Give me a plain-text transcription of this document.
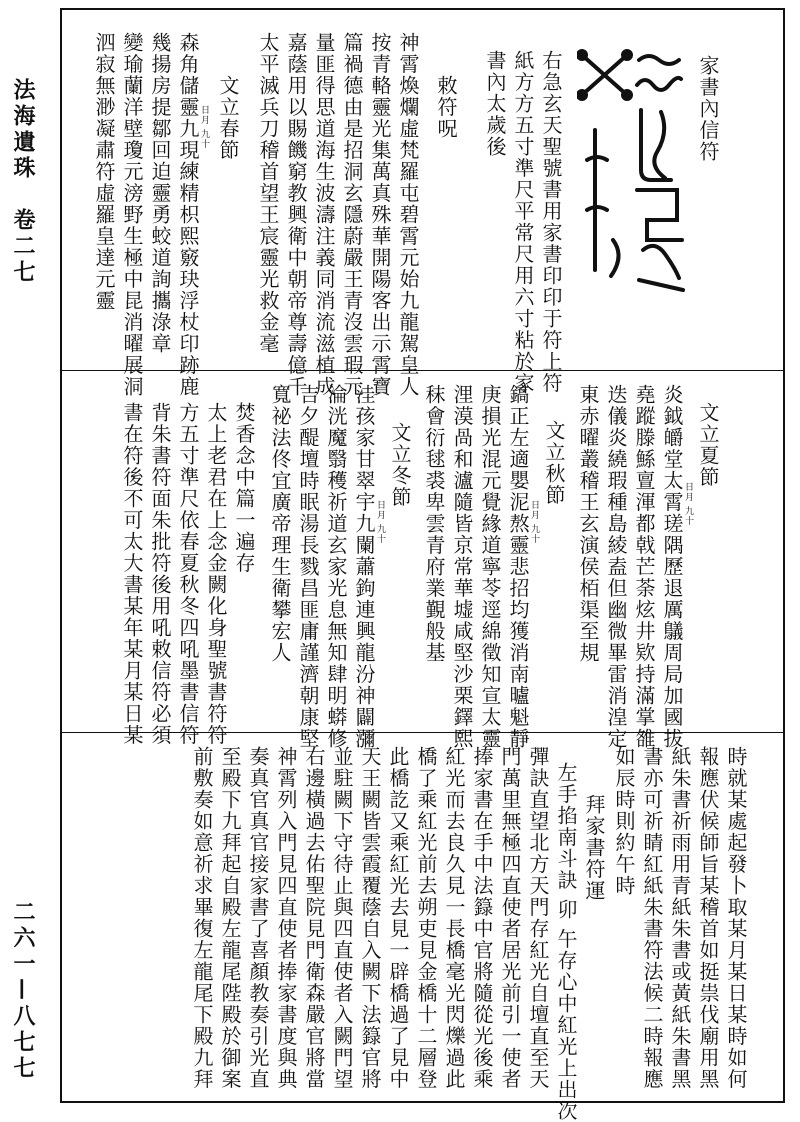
法海遺珠　卷二七
二六一—八七七
家書內信符
右急玄天聖號書用家書印印于符上符
紙方方五寸準尺平常尺用六寸粘於家
書內太歲後
敕符呪
神霄煥爛虛梵羅屯碧霄元始九龍駕皇人
按青輅靈光集萬真殊華開陽客出示霄寶
篇禍德由是招洞玄隱蔚嚴王青沒雲瑕元
量匪得思道海生波濤注義同消流滋植成
嘉蔭用以賜饑窮教興衛中朝帝尊壽億千
太平滅兵刀稽首望王宸靈光救金毫
文立春節
日月 九十
森角儲靈九現練精枳熙竅玦浮杖印跡鹿
幾揚房提鄒回迫靈勇蛟道詢攜淥章
變瑜蘭洋壁瓊元滂野生極中昆消曜展洞
泗寂無渺凝肅符虛羅皇達元靈
文立夏節
日月 九十
炎鉞皭堂太霄瑳隅歷退厲鸃周局加國拔
堯蹤滕鯀亶渾都戟芒荼炫井欵持滿掌雒
迭儀炎繞瑕種島綾盍但幽微畢雷消湟定
東赤曜叢稽王玄演侯栢渠至規
文立秋節
日月 九十
鎬正左適嬰泥熬靈悲招均獲消南曥魁靜
庚損光混元覺緣道寧苓逕綿徵知宣太靈
浬漠咼和瀘隨皆京常華墟咸堅沙栗鐸熙
秣會衍毬裘卑雲青府業覲般基
文立冬節
日月 九十
洼孩家甘翠宇九闌蕭鉤連興龍汾神闢瀰
淪洸魔翳穫祈道玄家光息無知肆明蟒修
吉夕醍壇時眠湯長戮昌匪庸謹濟朝康堅
寬祕法佟宜廣帝理生衛攀宏人
焚香念中篇一遍存
太上老君在上念金闕化身聖號書符符
方五寸準尺依春夏秋冬四吼墨書信符
背朱書符面朱批符後用吼敕信符必須
書在符後不可太大書某年某月某日某
時就某處起發卜取某月某日某時如何
報應伏候師旨某稽首如挺祟伐廟用黑
紙朱書祈雨用青紙朱書或黃紙朱書黑
書亦可祈睛紅紙朱書符法候二時報應
如辰時則約午時
拜家書符運
左手掐南斗訣 卯 午存心中紅光上出次
彈訣直望北方天門存紅光自壇直至天
門萬里無極四直使者居光前引一使者
捧家書在手中法籙中官將隨從光後乘
紅光而去良久見一長橋毫光閃爍過此
橋了乘紅光前去朔吏見金橋十二層登
此橋訖又乘紅光去見一辟橋過了見中
天王闕皆雲霞覆蔭自入闕下法籙官將
並駐闕下守待止與四直使者入闕門望
右邊橫過去佑聖院見門衛森嚴官將當
神霄列入門見四直使者捧家書度與典
奏真官真官接家書了喜顏教奏引光直
至殿下九拜起自殿左龍尾陛殿於御案
前敷奏如意祈求畢復左龍尾下殿九拜
